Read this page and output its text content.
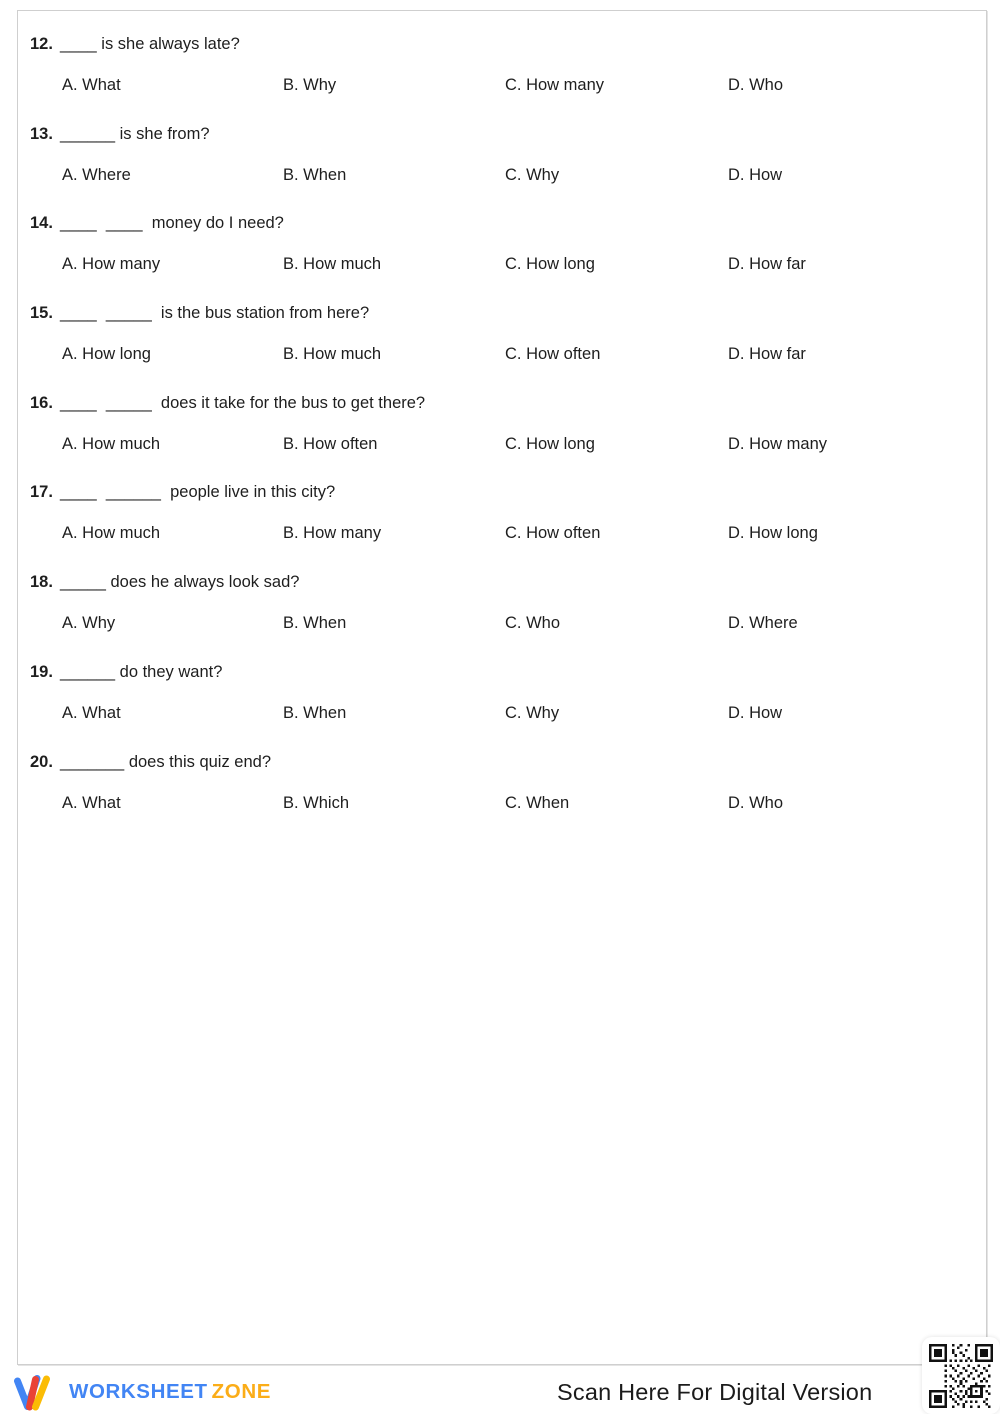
12. ____ is she always late?
A. What	B. Why	C. How many	D. Who
13. ______ is she from?
A. Where	B. When	C. Why	D. How
14. ____  ____  money do I need?
A. How many	B. How much	C. How long	D. How far
15. ____  _____  is the bus station from here?
A. How long	B. How much	C. How often	D. How far
16. ____  _____  does it take for the bus to get there?
A. How much	B. How often	C. How long	D. How many
17. ____  ______  people live in this city?
A. How much	B. How many	C. How often	D. How long
18. _____ does he always look sad?
A. Why	B. When	C. Who	D. Where
19. ______ do they want?
A. What	B. When	C. Why	D. How
20. _______ does this quiz end?
A. What	B. Which	C. When	D. Who
WORKSHEET ZONE	Scan Here For Digital Version
